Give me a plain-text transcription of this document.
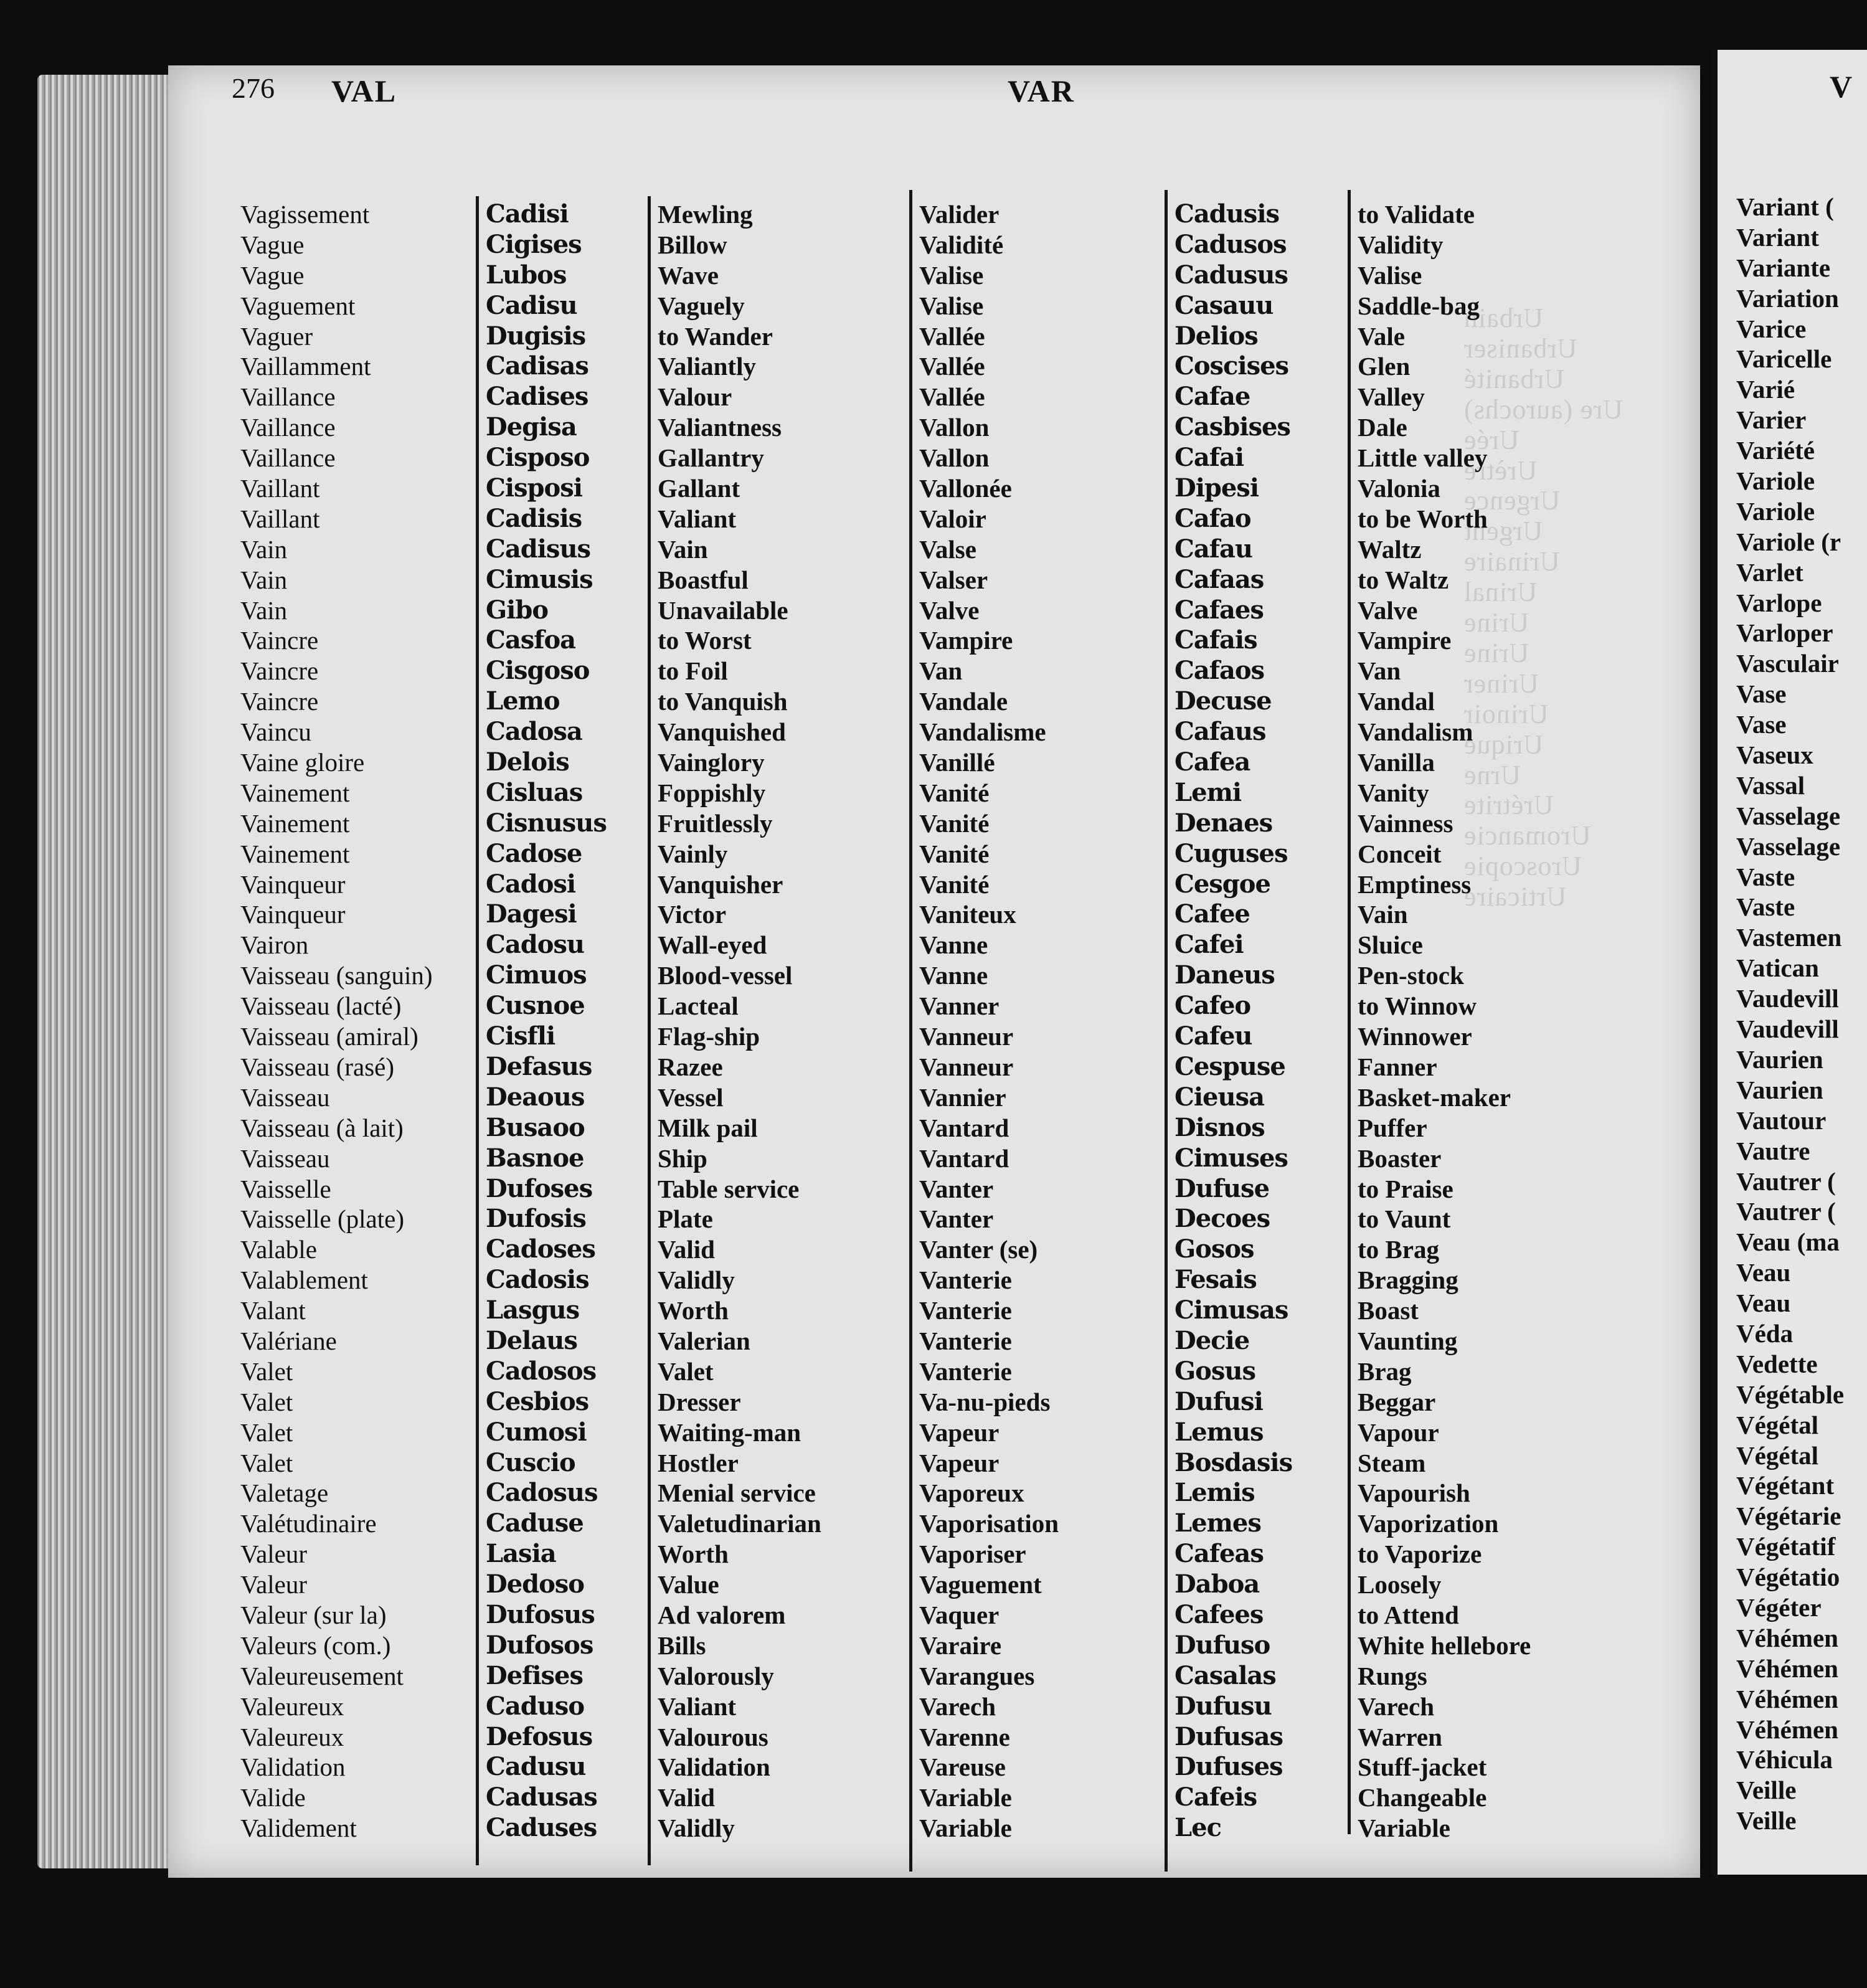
Urbain
Urbaniser
Urbanité
Ure (aurochs)
Urée
Urètre
Urgence
Urgent
Urinaire
Urinal
Urine
Urine
Uriner
Urinoir
Urique
Urne
Urétrite
Uromancie
Uroscopie
Urticaire
276 VAL	VAR
Vagissement
Vague
Vague
Vaguement
Vaguer
Vaillamment
Vaillance
Vaillance
Vaillance
Vaillant
Vaillant
Vain
Vain
Vain
Vaincre
Vaincre
Vaincre
Vaincu
Vaine gloire
Vainement
Vainement
Vainement
Vainqueur
Vainqueur
Vairon
Vaisseau (sanguin)
Vaisseau (lacté)
Vaisseau (amiral)
Vaisseau (rasé)
Vaisseau
Vaisseau (à lait)
Vaisseau
Vaisselle
Vaisselle (plate)
Valable
Valablement
Valant
Valériane
Valet
Valet
Valet
Valet
Valetage
Valétudinaire
Valeur
Valeur
Valeur (sur la)
Valeurs (com.)
Valeureusement
Valeureux
Valeureux
Validation
Valide
Validement
Cadisi
Cigises
Lubos
Cadisu
Dugisis
Cadisas
Cadises
Degisa
Cisposo
Cisposi
Cadisis
Cadisus
Cimusis
Gibo
Casfoa
Cisgoso
Lemo
Cadosa
Delois
Cisluas
Cisnusus
Cadose
Cadosi
Dagesi
Cadosu
Cimuos
Cusnoe
Cisfli
Defasus
Deaous
Busaoo
Basnoe
Dufoses
Dufosis
Cadoses
Cadosis
Lasgus
Delaus
Cadosos
Cesbios
Cumosi
Cuscio
Cadosus
Caduse
Lasia
Dedoso
Dufosus
Dufosos
Defises
Caduso
Defosus
Cadusu
Cadusas
Caduses
Mewling
Billow
Wave
Vaguely
to Wander
Valiantly
Valour
Valiantness
Gallantry
Gallant
Valiant
Vain
Boastful
Unavailable
to Worst
to Foil
to Vanquish
Vanquished
Vainglory
Foppishly
Fruitlessly
Vainly
Vanquisher
Victor
Wall-eyed
Blood-vessel
Lacteal
Flag-ship
Razee
Vessel
Milk pail
Ship
Table service
Plate
Valid
Validly
Worth
Valerian
Valet
Dresser
Waiting-man
Hostler
Menial service
Valetudinarian
Worth
Value
Ad valorem
Bills
Valorously
Valiant
Valourous
Validation
Valid
Validly
Valider
Validité
Valise
Valise
Vallée
Vallée
Vallée
Vallon
Vallon
Vallonée
Valoir
Valse
Valser
Valve
Vampire
Van
Vandale
Vandalisme
Vanillé
Vanité
Vanité
Vanité
Vanité
Vaniteux
Vanne
Vanne
Vanner
Vanneur
Vanneur
Vannier
Vantard
Vantard
Vanter
Vanter
Vanter (se)
Vanterie
Vanterie
Vanterie
Vanterie
Va-nu-pieds
Vapeur
Vapeur
Vaporeux
Vaporisation
Vaporiser
Vaguement
Vaquer
Varaire
Varangues
Varech
Varenne
Vareuse
Variable
Variable
Cadusis
Cadusos
Cadusus
Casauu
Delios
Coscises
Cafae
Casbises
Cafai
Dipesi
Cafao
Cafau
Cafaas
Cafaes
Cafais
Cafaos
Decuse
Cafaus
Cafea
Lemi
Denaes
Cuguses
Cesgoe
Cafee
Cafei
Daneus
Cafeo
Cafeu
Cespuse
Cieusa
Disnos
Cimuses
Dufuse
Decoes
Gosos
Fesais
Cimusas
Decie
Gosus
Dufusi
Lemus
Bosdasis
Lemis
Lemes
Cafeas
Daboa
Cafees
Dufuso
Casalas
Dufusu
Dufusas
Dufuses
Cafeis
Lec
to Validate
Validity
Valise
Saddle-bag
Vale
Glen
Valley
Dale
Little valley
Valonia
to be Worth
Waltz
to Waltz
Valve
Vampire
Van
Vandal
Vandalism
Vanilla
Vanity
Vainness
Conceit
Emptiness
Vain
Sluice
Pen-stock
to Winnow
Winnower
Fanner
Basket-maker
Puffer
Boaster
to Praise
to Vaunt
to Brag
Bragging
Boast
Vaunting
Brag
Beggar
Vapour
Steam
Vapourish
Vaporization
to Vaporize
Loosely
to Attend
White hellebore
Rungs
Varech
Warren
Stuff-jacket
Changeable
Variable
V
Variant (
Variant
Variante
Variation
Varice
Varicelle
Varié
Varier
Variété
Variole
Variole
Variole (r
Varlet
Varlope
Varloper
Vasculair
Vase
Vase
Vaseux
Vassal
Vasselage
Vasselage
Vaste
Vaste
Vastemen
Vatican
Vaudevill
Vaudevill
Vaurien
Vaurien
Vautour
Vautre
Vautrer (
Vautrer (
Veau (ma
Veau
Veau
Véda
Vedette
Végétable
Végétal
Végétal
Végétant
Végétarie
Végétatif
Végétatio
Végéter
Véhémen
Véhémen
Véhémen
Véhémen
Véhicula
Veille
Veille
